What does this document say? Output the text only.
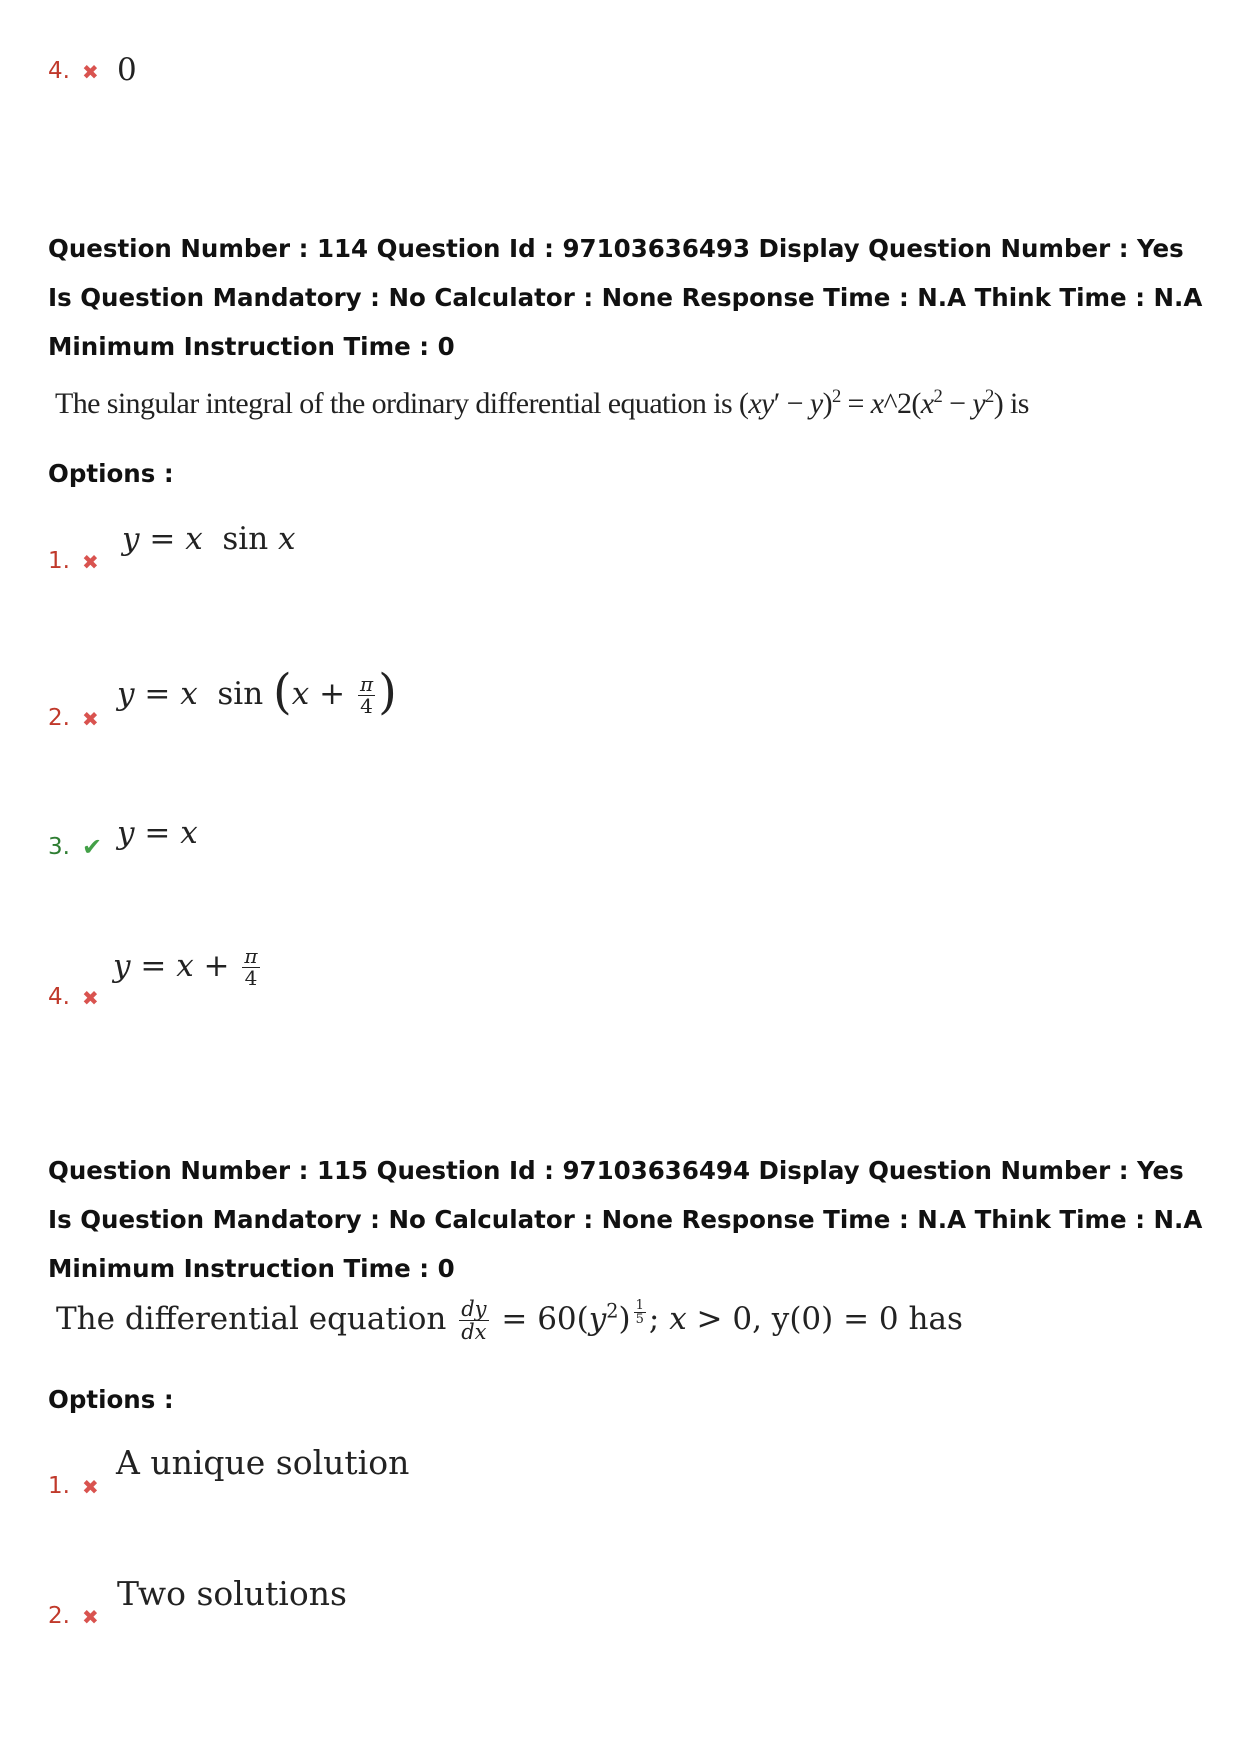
4. ✖ 0
Question Number : 114 Question Id : 97103636493 Display Question Number : Yes Is Question Mandatory : No Calculator : None Response Time : N.A Think Time : N.A Minimum Instruction Time : 0
The singular integral of the ordinary differential equation is $(xy' - y)^2$ = $x\^{}2(x^2 - y^2)$ is
Options :
1. ✖
y = x  sin x
2. ✖
y = x  $\sin (x + \frac{\pi}{4}$ )
3. ✔ y = x
4. ✖
$y = x + \frac{\pi}{4}$
Question Number : 115 Question Id : 97103636494 Display Question Number : Yes Is Question Mandatory : No Calculator : None Response Time : N.A Think Time : N.A Minimum Instruction Time : 0
The differential equation $\frac{dy}{dx} = 60(y^2)$ $^{\frac{1}{5}}$ ; x > 0, y(0) = 0 has
Options :
1. ✖
A unique solution
2. ✖
Two solutions
